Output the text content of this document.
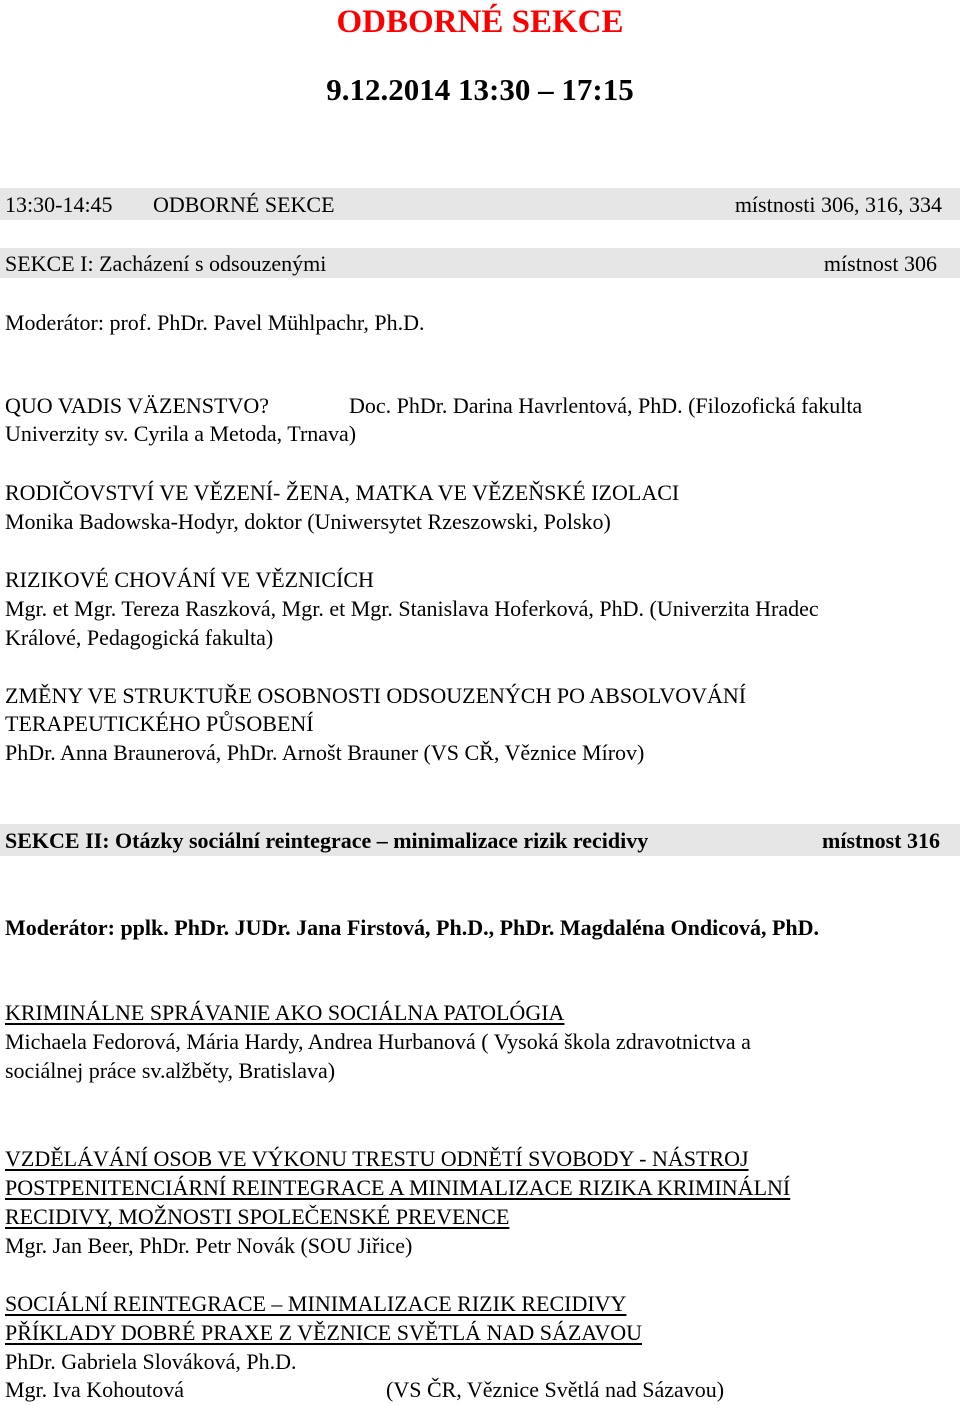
ODBORNÉ SEKCE
9.12.2014 13:30 – 17:15
13:30-14:45 ODBORNÉ SEKCE	místnosti 306, 316, 334
SEKCE I: Zacházení s odsouzenými	místnost 306
Moderátor: prof. PhDr. Pavel Mühlpachr, Ph.D.
QUO VADIS VÄZENSTVO?	Doc. PhDr. Darina Havrlentová, PhD. (Filozofická fakulta
Univerzity sv. Cyrila a Metoda, Trnava)
RODIČOVSTVÍ VE VĚZENÍ- ŽENA, MATKA VE VĚZEŇSKÉ IZOLACI
Monika Badowska-Hodyr, doktor (Uniwersytet Rzeszowski, Polsko)
RIZIKOVÉ CHOVÁNÍ VE VĚZNICÍCH
Mgr. et Mgr. Tereza Raszková, Mgr. et Mgr. Stanislava Hoferková, PhD. (Univerzita Hradec
Králové, Pedagogická fakulta)
ZMĚNY VE STRUKTUŘE OSOBNOSTI ODSOUZENÝCH PO ABSOLVOVÁNÍ
TERAPEUTICKÉHO PŮSOBENÍ
PhDr. Anna Braunerová, PhDr. Arnošt Brauner (VS CŘ, Věznice Mírov)
SEKCE II: Otázky sociální reintegrace – minimalizace rizik recidivy	místnost 316
Moderátor: pplk. PhDr. JUDr. Jana Firstová, Ph.D., PhDr. Magdaléna Ondicová, PhD.
KRIMINÁLNE SPRÁVANIE AKO SOCIÁLNA PATOLÓGIA
Michaela Fedorová, Mária Hardy, Andrea Hurbanová ( Vysoká škola zdravotnictva a
sociálnej práce sv.alžběty, Bratislava)
VZDĚLÁVÁNÍ OSOB VE VÝKONU TRESTU ODNĚTÍ SVOBODY - NÁSTROJ
POSTPENITENCIÁRNÍ REINTEGRACE A MINIMALIZACE RIZIKA KRIMINÁLNÍ
RECIDIVY, MOŽNOSTI SPOLEČENSKÉ PREVENCE
Mgr. Jan Beer, PhDr. Petr Novák (SOU Jiřice)
SOCIÁLNÍ REINTEGRACE – MINIMALIZACE RIZIK RECIDIVY
PŘÍKLADY DOBRÉ PRAXE Z VĚZNICE SVĚTLÁ NAD SÁZAVOU
PhDr. Gabriela Slováková, Ph.D.
Mgr. Iva Kohoutová	(VS ČR, Věznice Světlá nad Sázavou)
